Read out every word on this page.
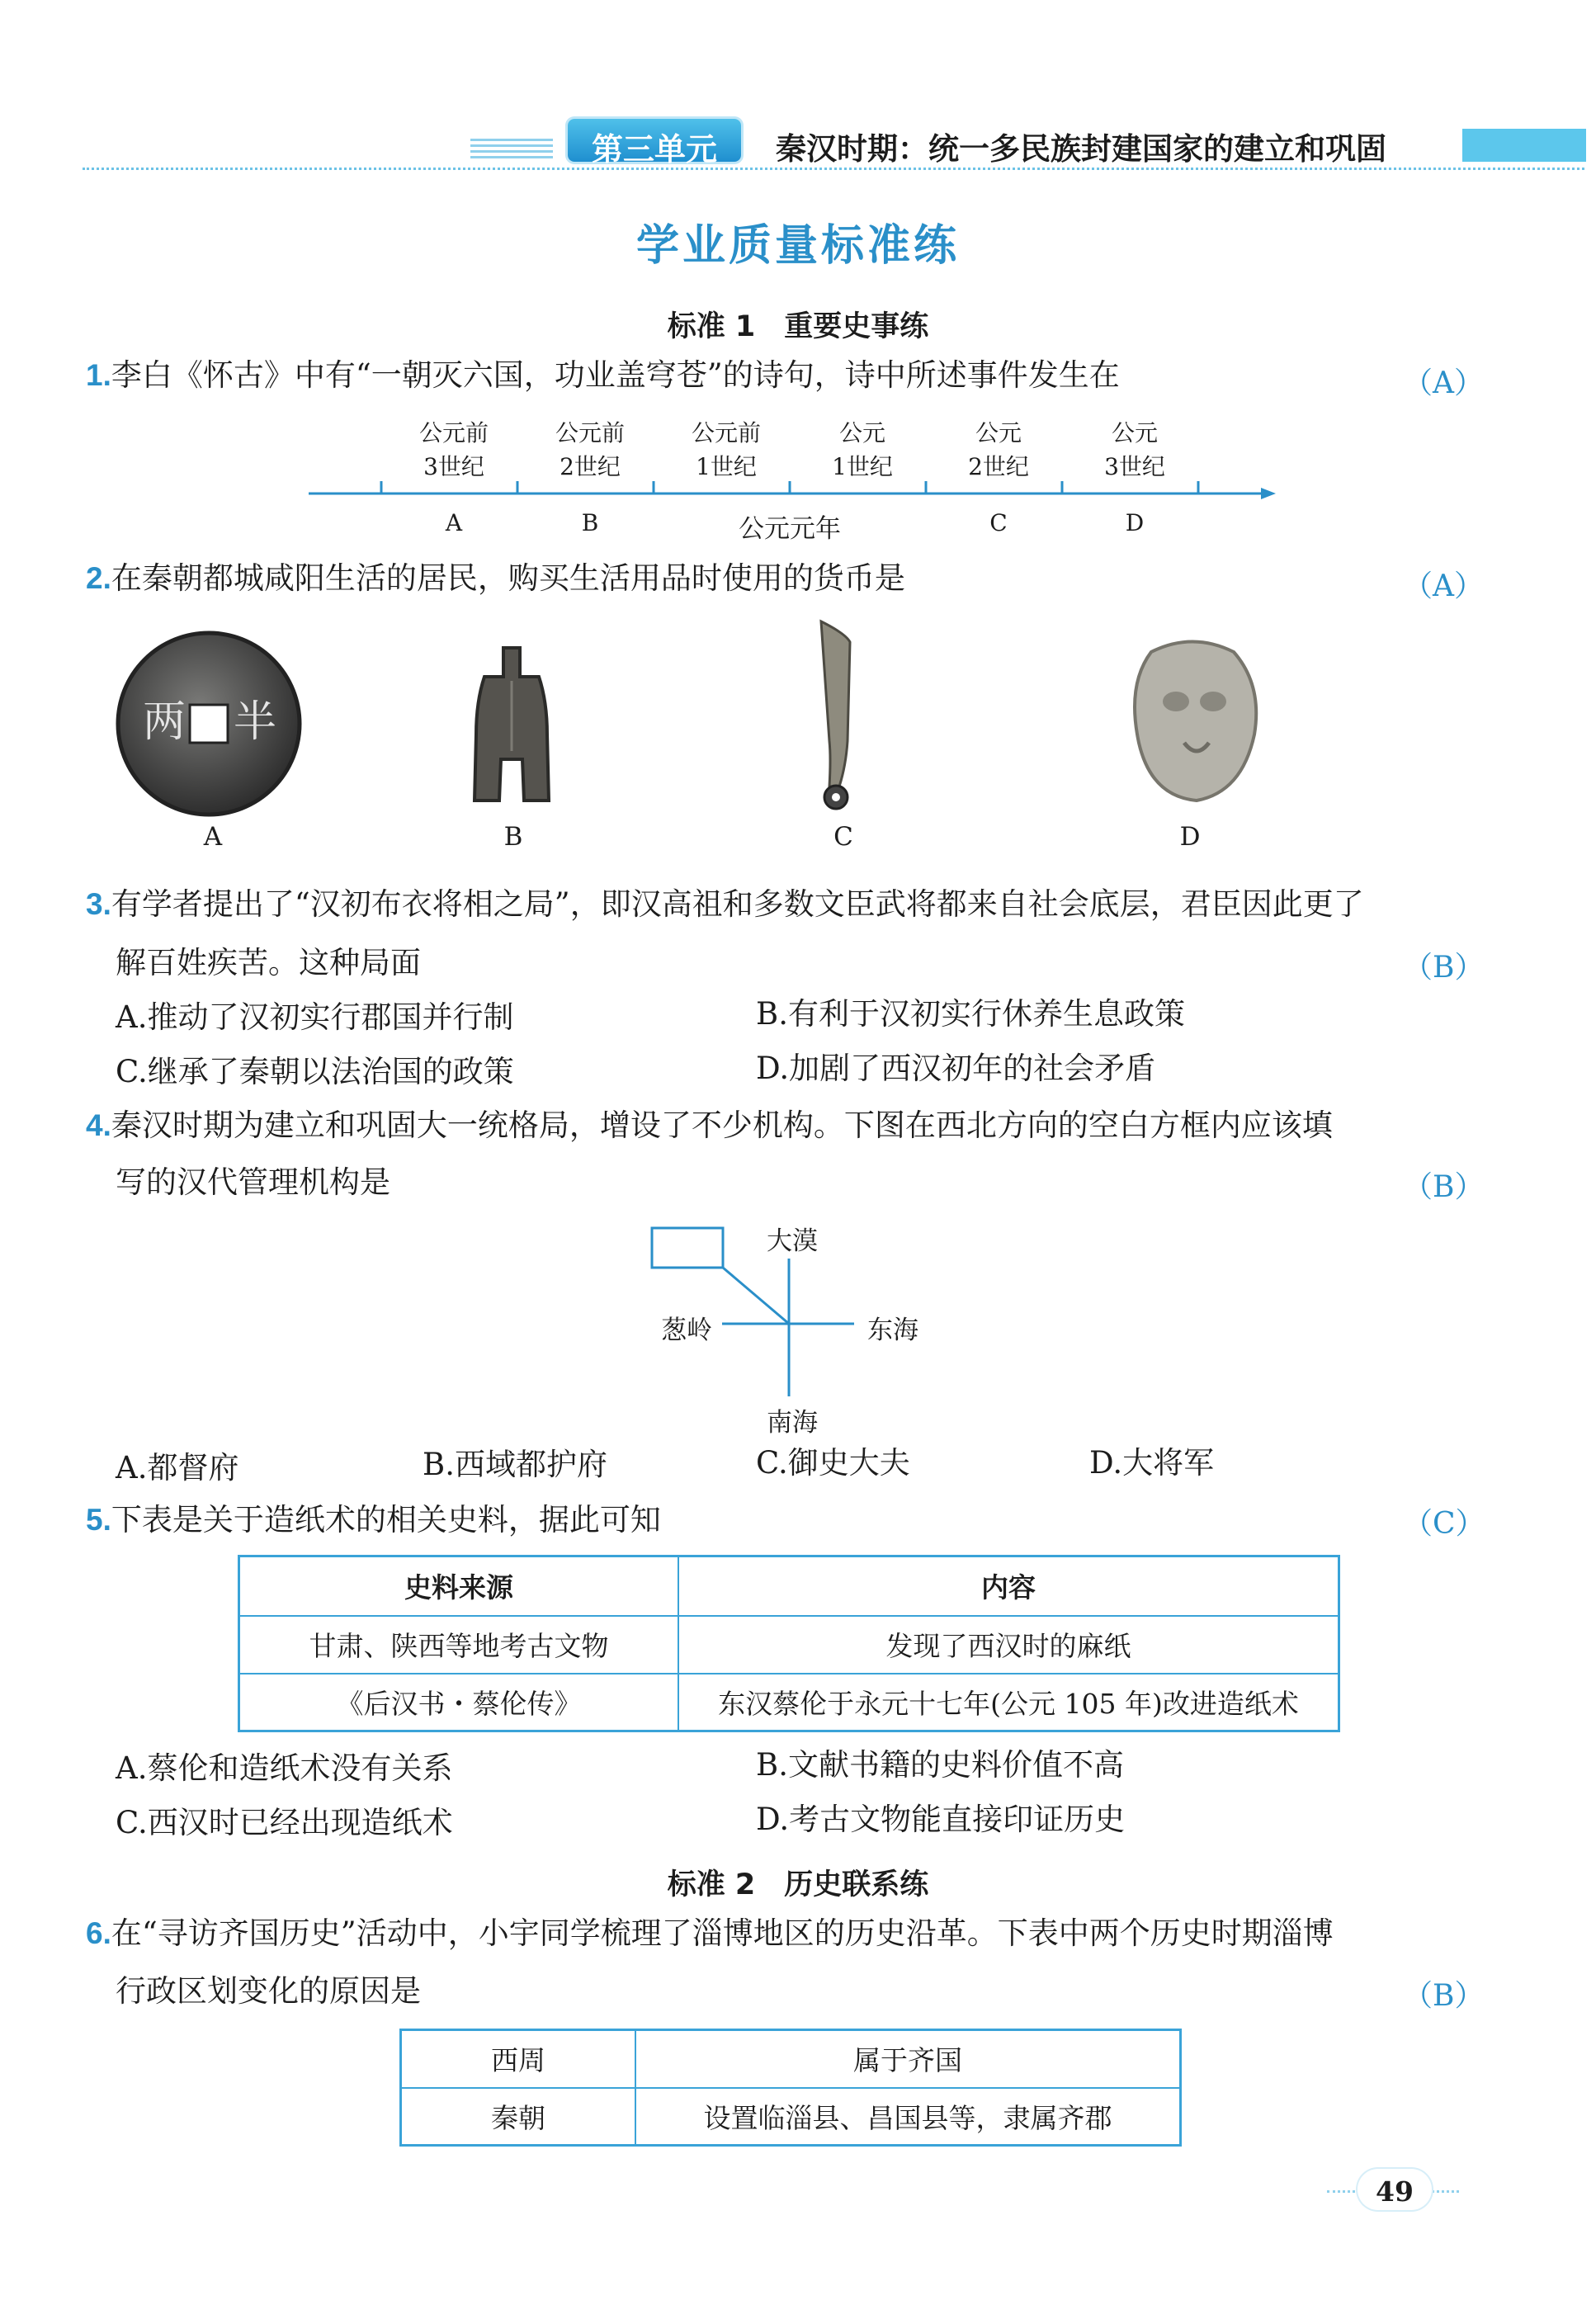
第三单元	秦汉时期：统一多民族封建国家的建立和巩固
学业质量标准练
标准 1　重要史事练
1.李白《怀古》中有“一朝灭六国，功业盖穹苍”的诗句，诗中所述事件发生在	（A）
公元前
3世纪
公元前
2世纪
公元前
1世纪
公元
1世纪
公元
2世纪
公元
3世纪
A	B	公元元年	C	D
2.在秦朝都城咸阳生活的居民，购买生活用品时使用的货币是	（A）
两 半
A	B	C	D
3.有学者提出了“汉初布衣将相之局”，即汉高祖和多数文臣武将都来自社会底层，君臣因此更了
解百姓疾苦。这种局面	（B）
A.推动了汉初实行郡国并行制	B.有利于汉初实行休养生息政策
C.继承了秦朝以法治国的政策	D.加剧了西汉初年的社会矛盾
4.秦汉时期为建立和巩固大一统格局，增设了不少机构。下图在西北方向的空白方框内应该填
写的汉代管理机构是	（B）
大漠
葱岭	东海
南海
A.都督府	B.西域都护府	C.御史大夫	D.大将军
5.下表是关于造纸术的相关史料，据此可知	（C）
史料来源	内容
甘肃、陕西等地考古文物	发现了西汉时的麻纸
《后汉书・蔡伦传》	东汉蔡伦于永元十七年(公元 105 年)改进造纸术
A.蔡伦和造纸术没有关系	B.文献书籍的史料价值不高
C.西汉时已经出现造纸术	D.考古文物能直接印证历史
标准 2　历史联系练
6.在“寻访齐国历史”活动中，小宇同学梳理了淄博地区的历史沿革。下表中两个历史时期淄博
行政区划变化的原因是	（B）
西周	属于齐国
秦朝	设置临淄县、昌国县等，隶属齐郡
49
